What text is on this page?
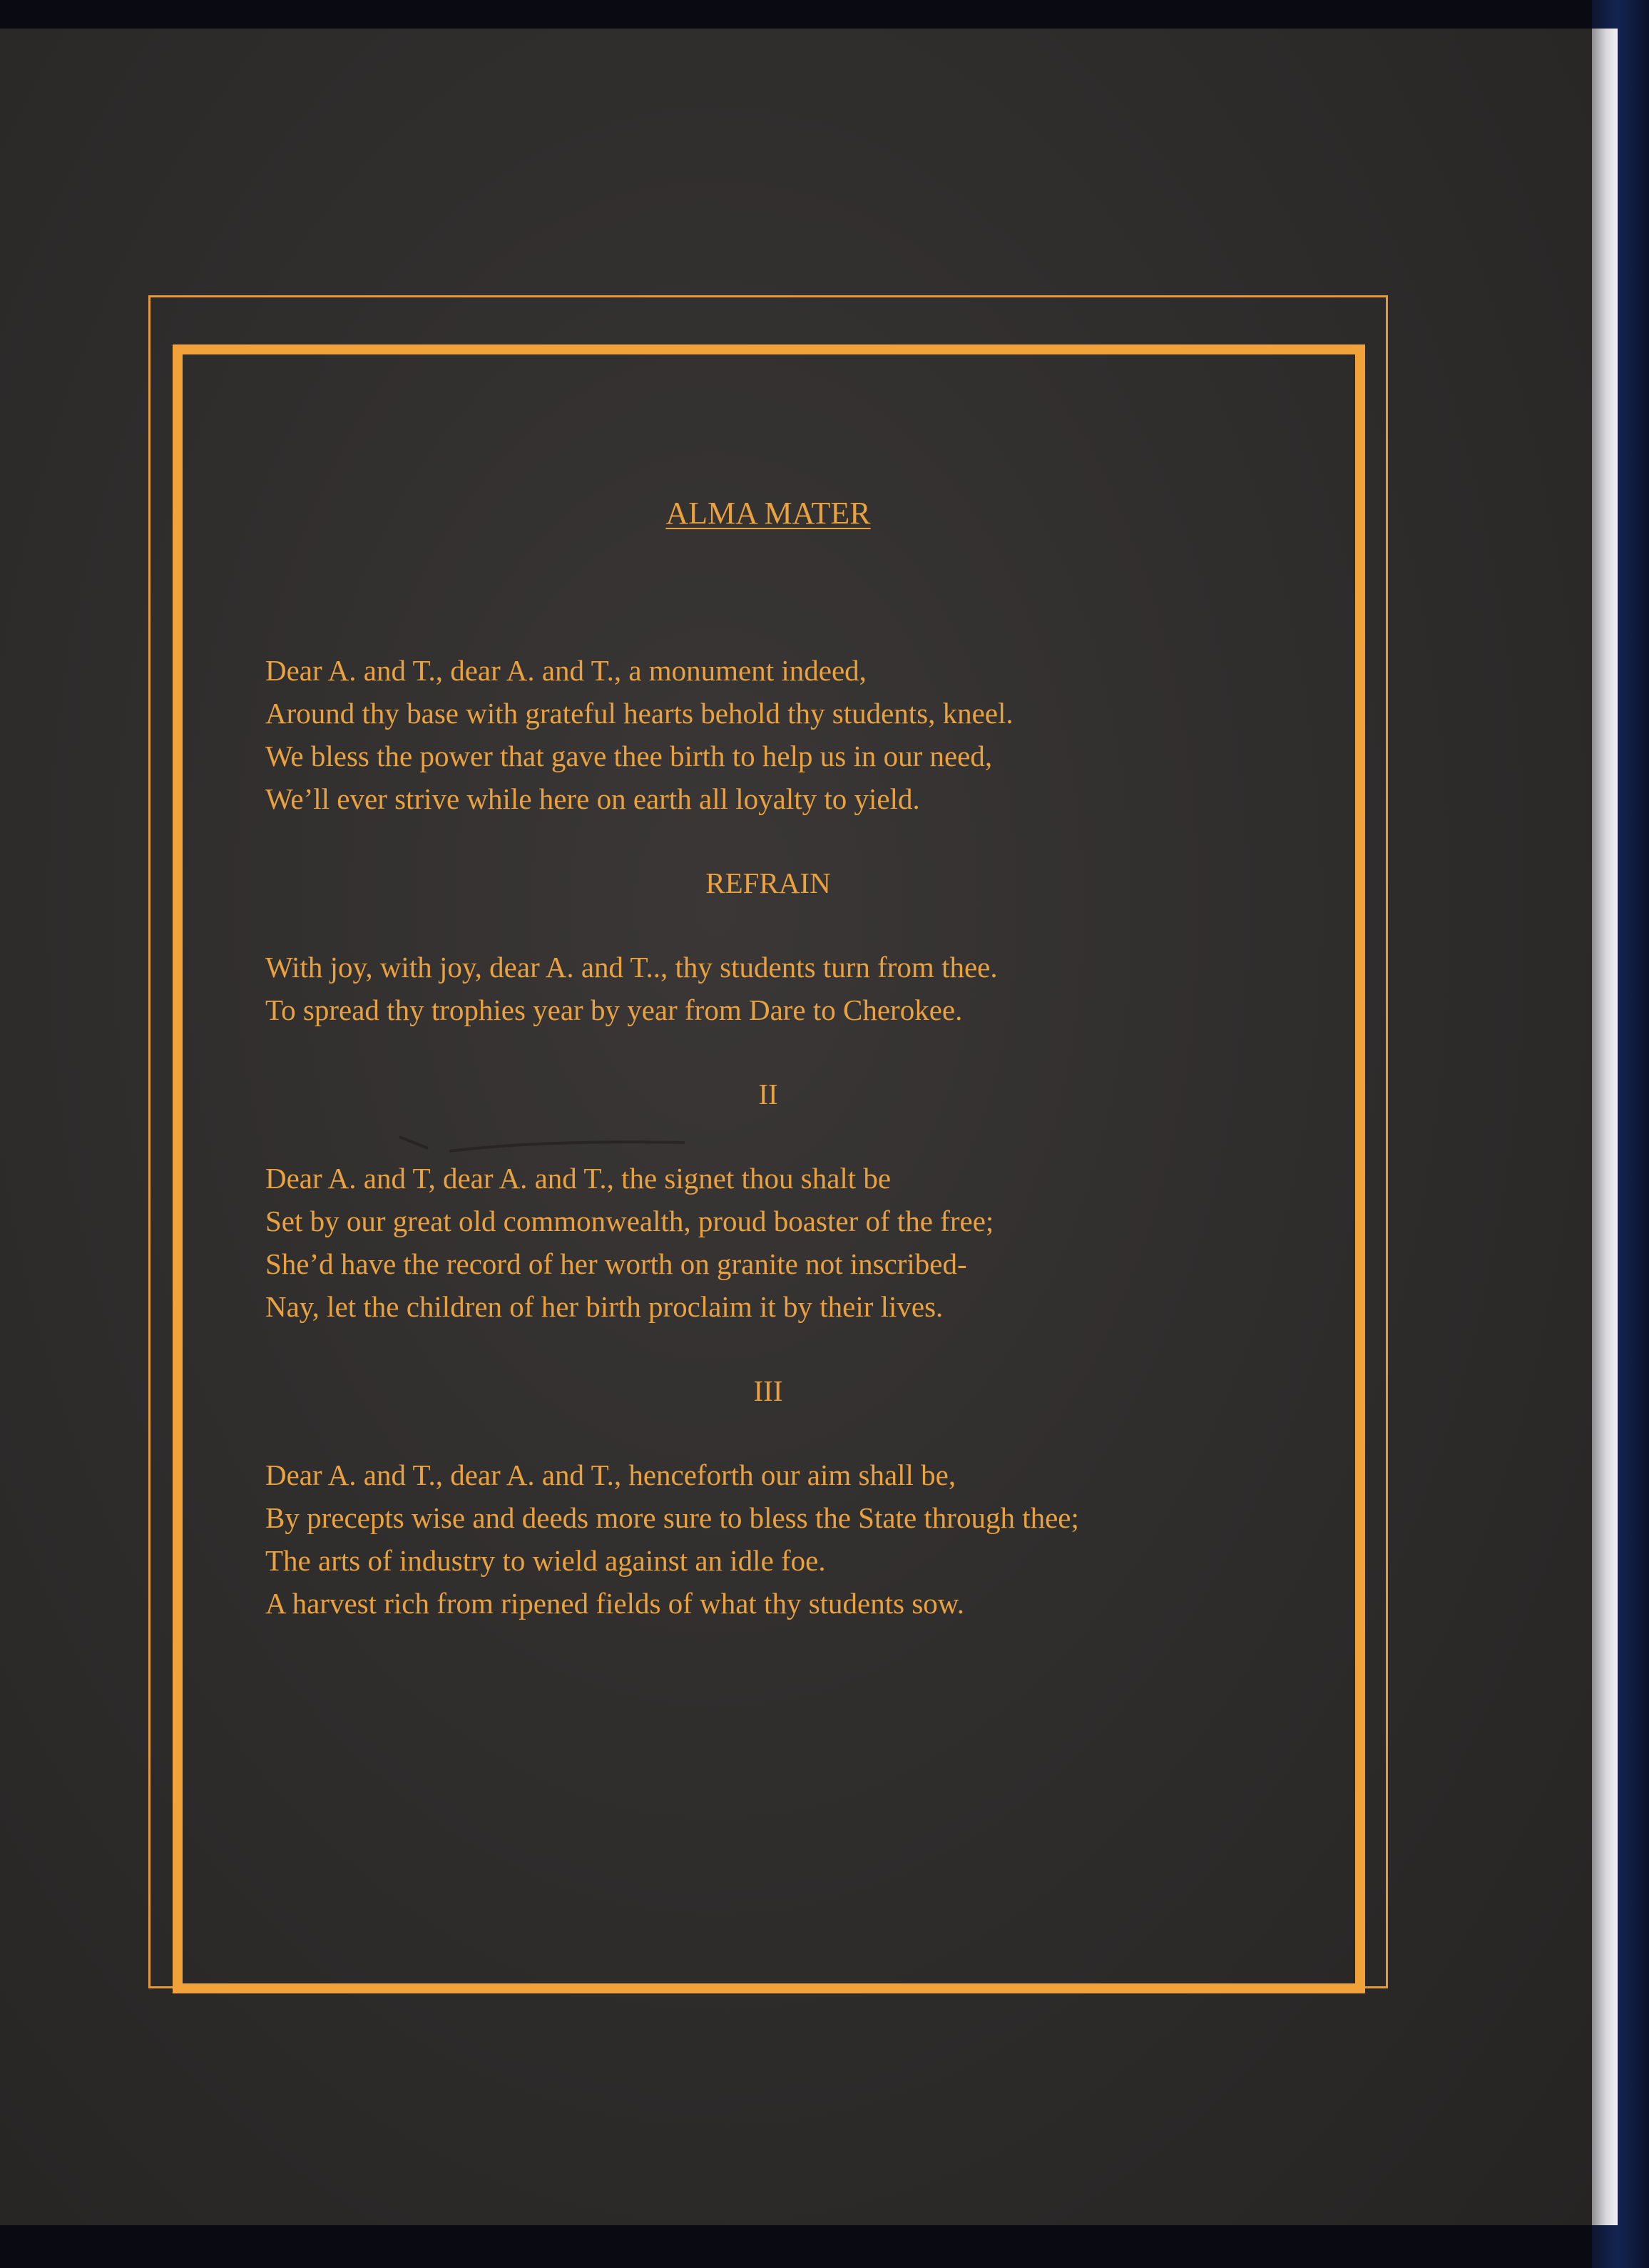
ALMA MATER
Dear A. and T., dear A. and T., a monument indeed,
Around thy base with grateful hearts behold thy students, kneel.
We bless the power that gave thee birth to help us in our need,
We’ll ever strive while here on earth all loyalty to yield.
REFRAIN
With joy, with joy, dear A. and T.., thy students turn from thee.
To spread thy trophies year by year from Dare to Cherokee.
II
Dear A. and T, dear A. and T., the signet thou shalt be
Set by our great old commonwealth, proud boaster of the free;
She’d have the record of her worth on granite not inscribed-
Nay, let the children of her birth proclaim it by their lives.
III
Dear A. and T., dear A. and T., henceforth our aim shall be,
By precepts wise and deeds more sure to bless the State through thee;
The arts of industry to wield against an idle foe.
A harvest rich from ripened fields of what thy students sow.
